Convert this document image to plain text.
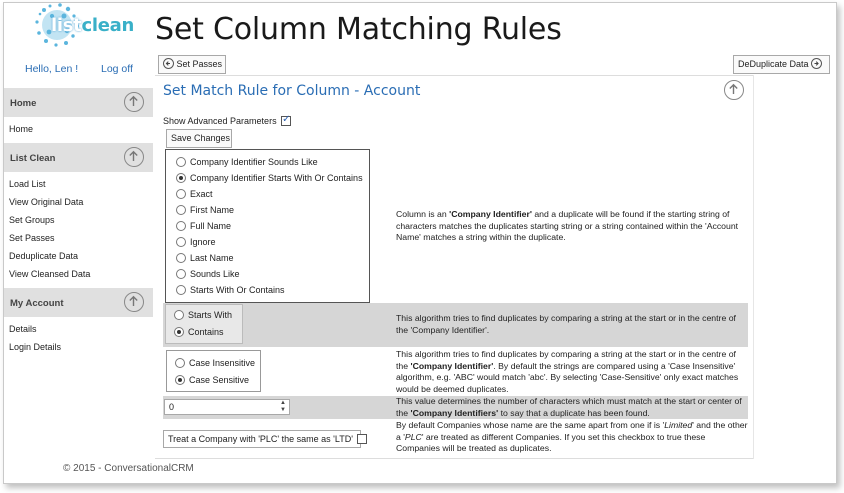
listclean Set Column Matching Rules
Hello, Len ! Log off	Set Passes	DeDuplicate Data
Home
Home
List Clean
Load List
View Original Data
Set Groups
Set Passes
Deduplicate Data
View Cleansed Data
My Account
Details
Login Details
Set Match Rule for Column - Account
Show Advanced Parameters ✓
Save Changes
Company Identifier Sounds Like
Company Identifier Starts With Or Contains
Exact
First Name
Full Name
Ignore
Last Name
Sounds Like
Starts With Or Contains
Column is an 'Company Identifier' and a duplicate will be found if the starting string of characters matches the duplicates starting string or a string contained within the 'Account Name' matches a string within the duplicate.
Starts With
Contains
This algorithm tries to find duplicates by comparing a string at the start or in the centre of the 'Company Identifier'.
Case Insensitive
Case Sensitive
This algorithm tries to find duplicates by comparing a string at the start or in the centre of the 'Company Identifier'. By default the strings are compared using a 'Case Insensitive' algorithm, e.g. 'ABC' would match 'abc'. By selecting 'Case-Sensitive' only exact matches would be deemed duplicates.
0	▲
▼
This value determines the number of characters which must match at the start or center of the 'Company Identifiers' to say that a duplicate has been found.
Treat a Company with 'PLC' the same as 'LTD'
By default Companies whose name are the same apart from one if is 'Limited' and the other a 'PLC' are treated as different Companies. If you set this checkbox to true these Companies will be treated as duplicates.
© 2015 - ConversationalCRM
